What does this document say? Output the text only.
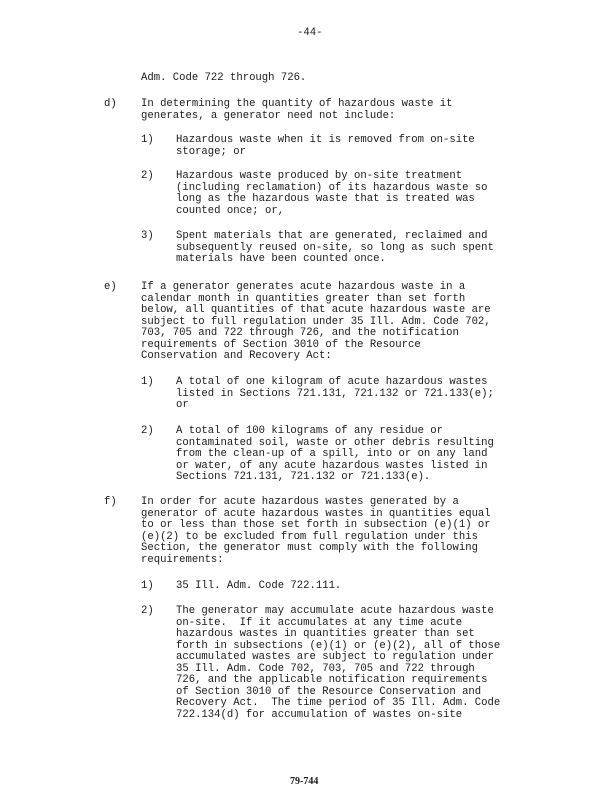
-44-
Adm. Code 722 through 726.
d) In determining the quantity of hazardous waste it
generates, a generator need not include:
1) Hazardous waste when it is removed from on-site
storage; or
2) Hazardous waste produced by on-site treatment
(including reclamation) of its hazardous waste so
long as the hazardous waste that is treated was
counted once; or,
3) Spent materials that are generated, reclaimed and
subsequently reused on-site, so long as such spent
materials have been counted once.
e) If a generator generates acute hazardous waste in a
calendar month in quantities greater than set forth
below, all quantities of that acute hazardous waste are
subject to full regulation under 35 Ill. Adm. Code 702,
703, 705 and 722 through 726, and the notification
requirements of Section 3010 of the Resource
Conservation and Recovery Act:
1) A total of one kilogram of acute hazardous wastes
listed in Sections 721.131, 721.132 or 721.133(e);
or
2) A total of 100 kilograms of any residue or
contaminated soil, waste or other debris resulting
from the clean-up of a spill, into or on any land
or water, of any acute hazardous wastes listed in
Sections 721.131, 721.132 or 721.133(e).
f) In order for acute hazardous wastes generated by a
generator of acute hazardous wastes in quantities equal
to or less than those set forth in subsection (e)(1) or
(e)(2) to be excluded from full regulation under this
Section, the generator must comply with the following
requirements:
1) 35 Ill. Adm. Code 722.111.
2) The generator may accumulate acute hazardous waste
on-site.  If it accumulates at any time acute
hazardous wastes in quantities greater than set
forth in subsections (e)(1) or (e)(2), all of those
accumulated wastes are subject to regulation under
35 Ill. Adm. Code 702, 703, 705 and 722 through
726, and the applicable notification requirements
of Section 3010 of the Resource Conservation and
Recovery Act.  The time period of 35 Ill. Adm. Code
722.134(d) for accumulation of wastes on-site
79-744
